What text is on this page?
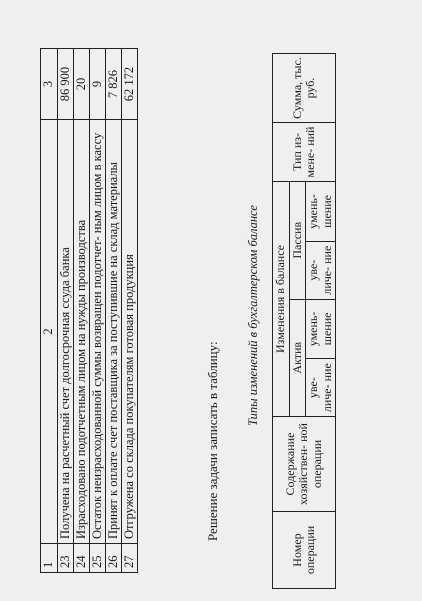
1	2	3
23	Получена на расчетный счет долгосрочная ссуда банка	86 900
24	Израсходовано подотчетным лицом на нужды производства	20
25	Остаток неизрасходованной суммы возвращен подотчет- ным лицом в кассу	9
26	Принят к оплате счет поставщика за поступившие на склад материалы	7 826
27	Отгружена со склада покупателям готовая продукция	62 172
Решение задачи записать в таблицу:
Типы изменений в бухгалтерском балансе
Номер операции	Содержание хозяйствен- ной операции	Изменения в балансе				Тип из- мене- ний	Сумма, тыс. руб.
		Актив		Пассив			
		уве- личе- ние	умень- шение	уве- личе- ние	умень- шение		
